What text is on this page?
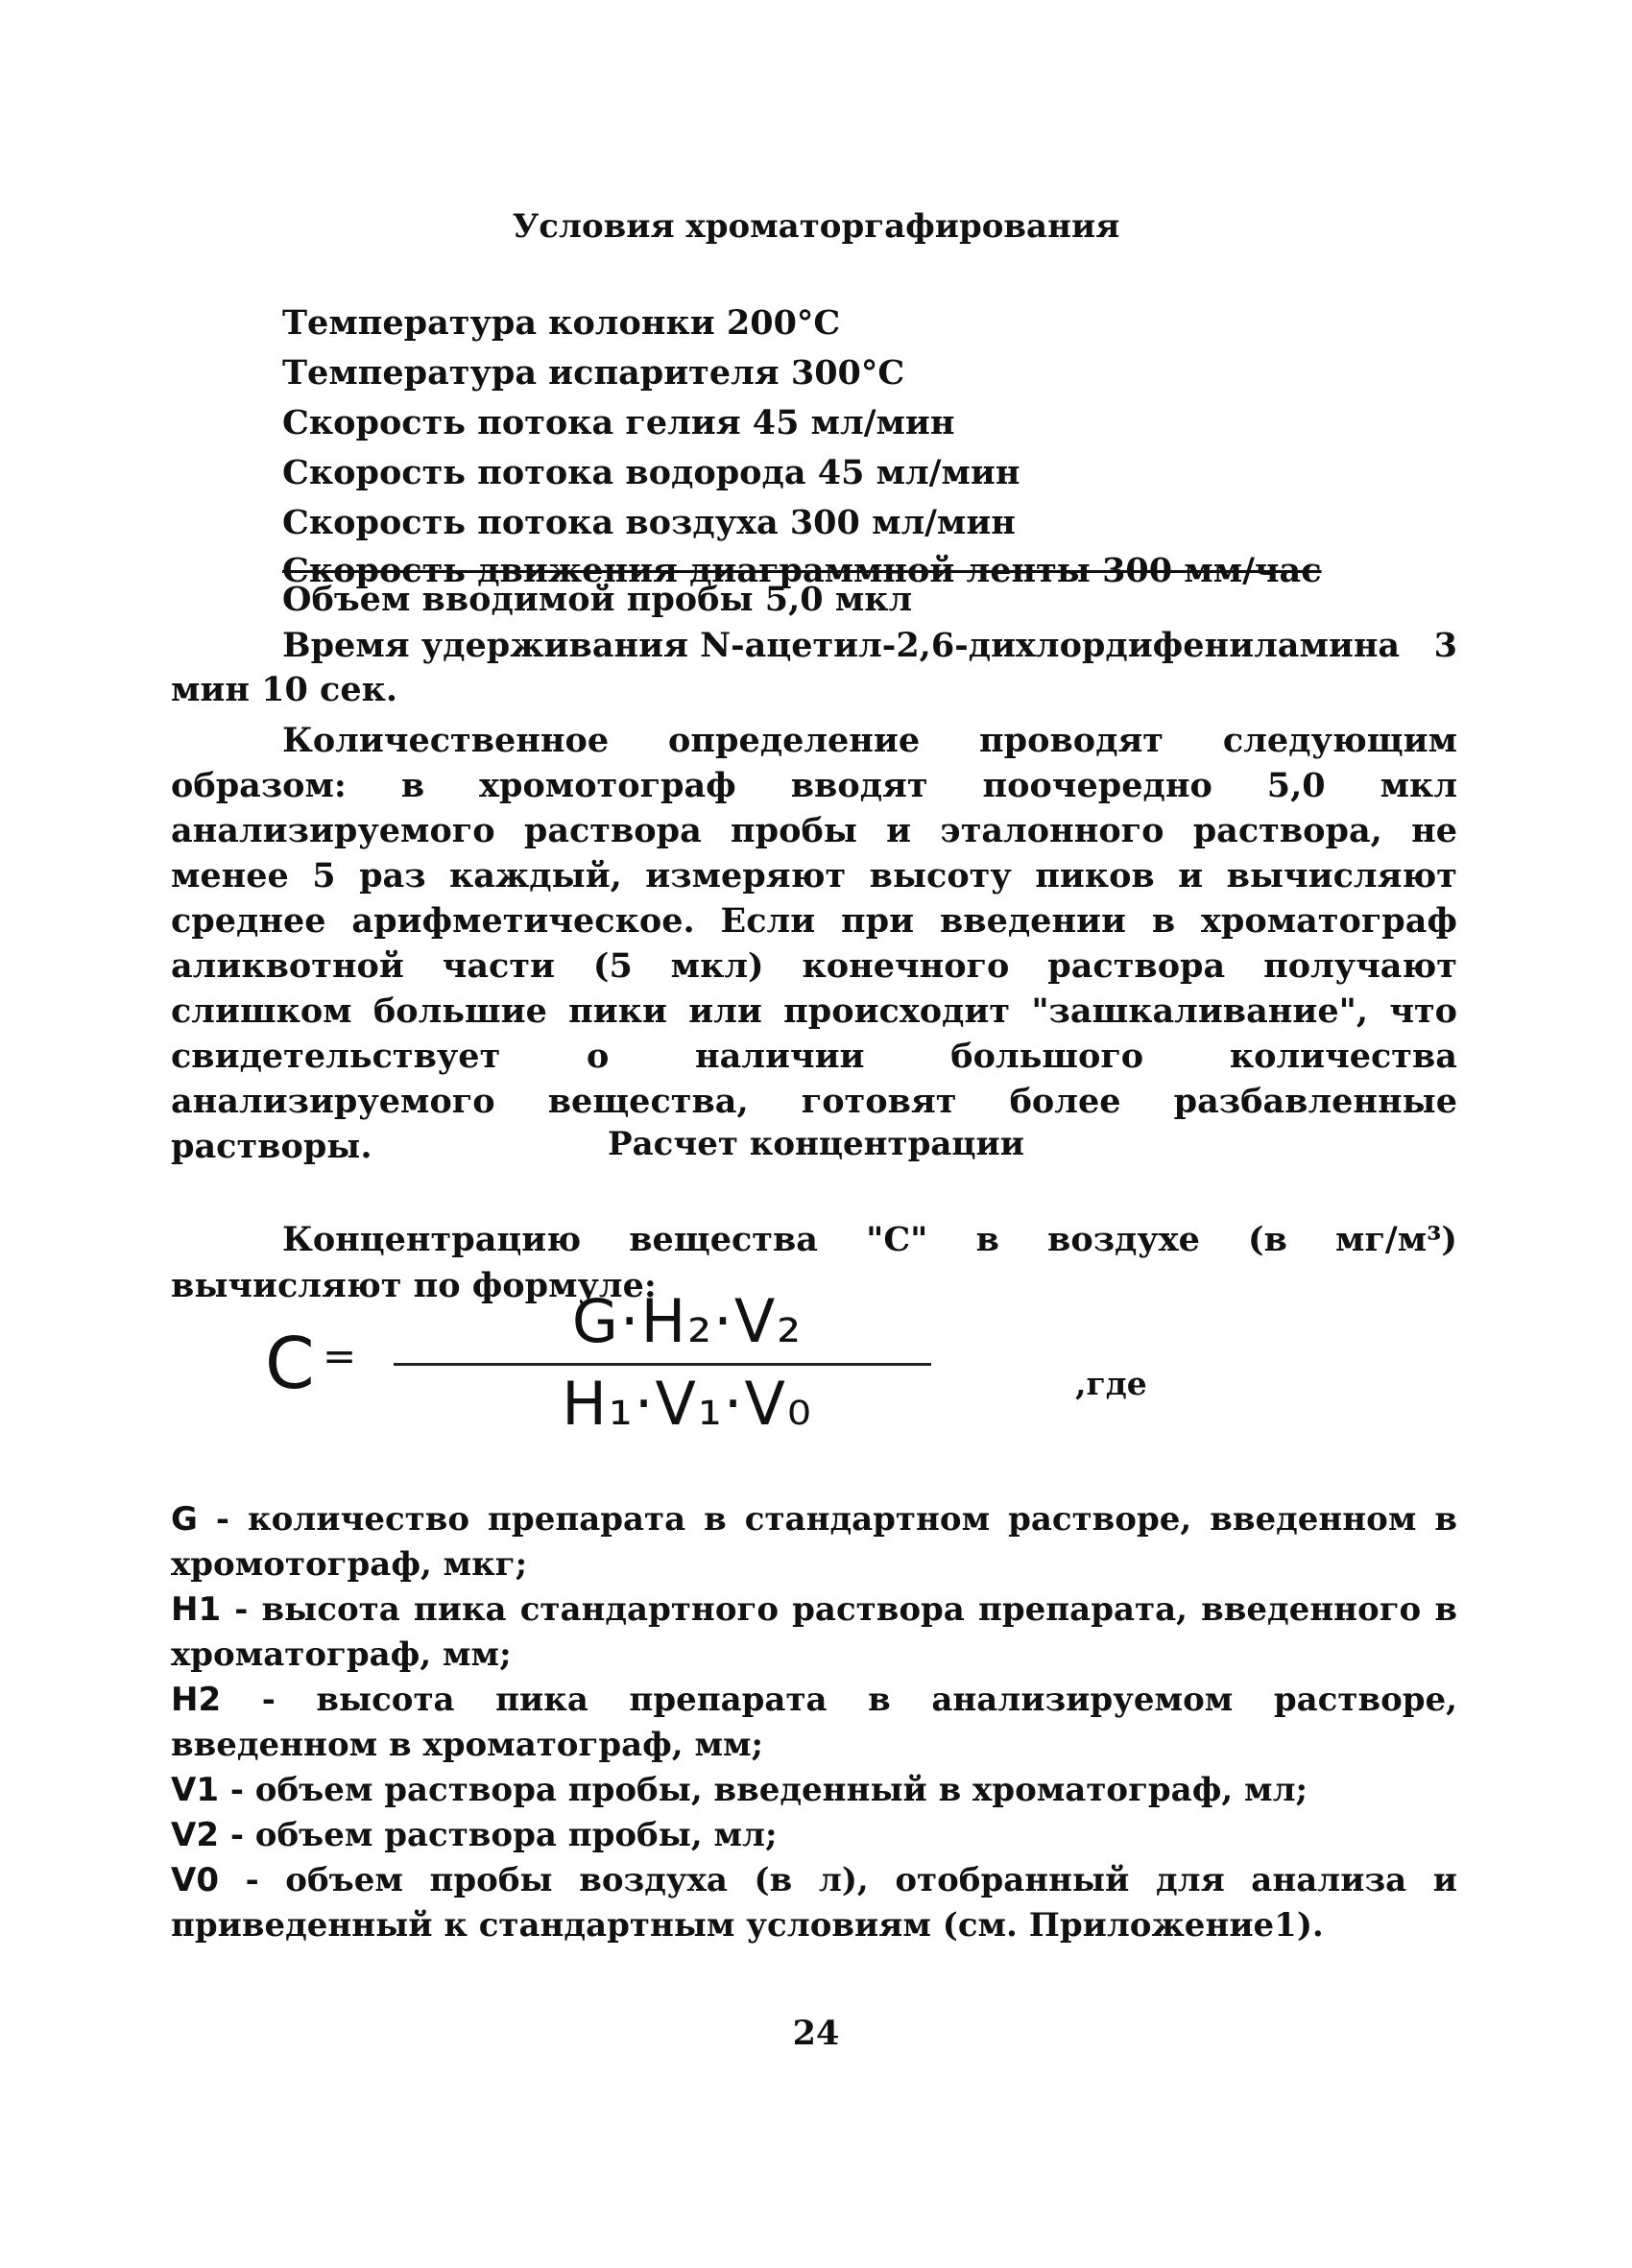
Условия хроматоргафирования
Температура колонки 200°С
Температура испарителя 300°С
Скорость потока гелия 45 мл/мин
Скорость потока водорода 45 мл/мин
Скорость потока воздуха 300 мл/мин
Скорость движения диаграммной ленты 300 мм/час
Объем вводимой пробы 5,0 мкл
Время удерживания N-ацетил-2,6-дихлордифениламина 3
мин 10 сек.

Количественное определение проводят следующим образом: в хромотограф вводят поочередно 5,0 мкл анализируемого раствора пробы и эталонного раствора, не менее 5 раз каждый, измеряют высоту пиков и вычисляют среднее арифметическое. Если при введении в хроматограф аликвотной части (5 мкл) конечного раствора получают слишком большие пики или происходит "зашкаливание", что свидетельствует о наличии большого количества анализируемого вещества, готовят более разбавленные растворы.	Расчет концентрации

Концентрацию вещества "С" в воздухе (в мг/м³) вычисляют по формуле:

C =	G·H₂·V₂
H₁·V₁·V₀	,где

G - количество препарата в стандартном растворе, введенном в хромотограф, мкг;

H1 - высота пика стандартного раствора препарата, введенного в хроматограф, мм;

H2 - высота пика препарата в анализируемом растворе, введенном в хроматограф, мм;

V1 - объем раствора пробы, введенный в хроматограф, мл;

V2 - объем раствора пробы, мл;

V0 - объем пробы воздуха (в л), отобранный для анализа и приведенный к стандартным условиям (см. Приложение1).

24
